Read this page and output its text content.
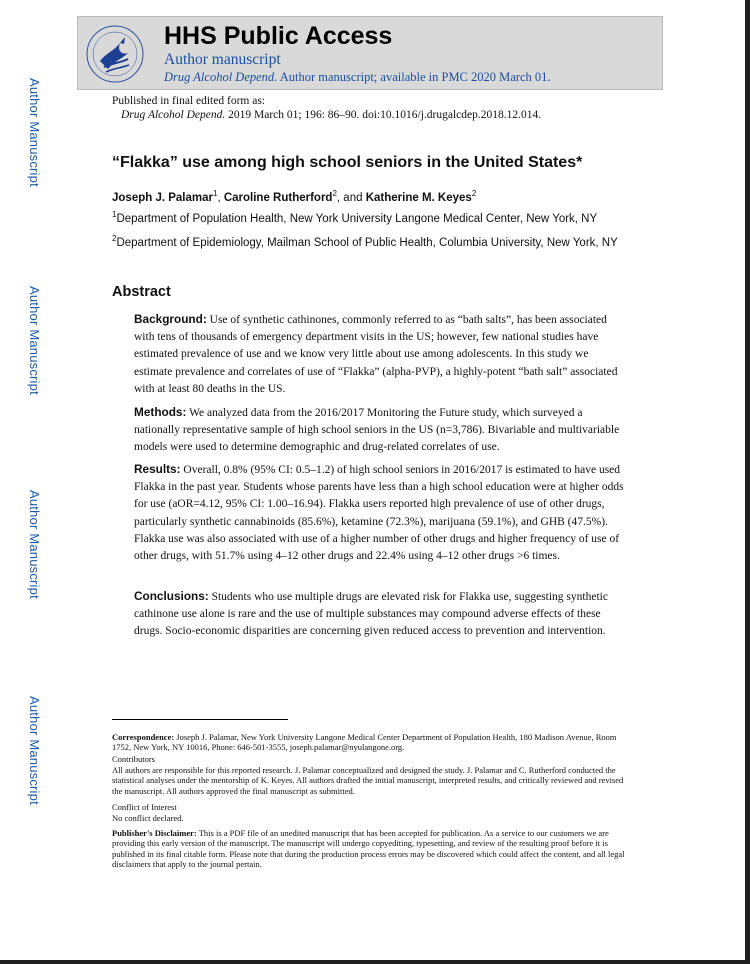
Author Manuscript
Author Manuscript
Author Manuscript
Author Manuscript
HHS Public Access
Author manuscript
Drug Alcohol Depend. Author manuscript; available in PMC 2020 March 01.
Published in final edited form as:
Drug Alcohol Depend. 2019 March 01; 196: 86–90. doi:10.1016/j.drugalcdep.2018.12.014.
“Flakka” use among high school seniors in the United States*
Joseph J. Palamar$^1$, Caroline Rutherford$^2$, and Katherine M. Keyes$^2$
$^1$Department of Population Health, New York University Langone Medical Center, New York, NY
$^2$Department of Epidemiology, Mailman School of Public Health, Columbia University, New York, NY
Abstract
Background: Use of synthetic cathinones, commonly referred to as “bath salts”, has been associated with tens of thousands of emergency department visits in the US; however, few national studies have estimated prevalence of use and we know very little about use among adolescents. In this study we estimate prevalence and correlates of use of “Flakka” (alpha-PVP), a highly-potent “bath salt” associated with at least 80 deaths in the US.
Methods: We analyzed data from the 2016/2017 Monitoring the Future study, which surveyed a nationally representative sample of high school seniors in the US (n=3,786). Bivariable and multivariable models were used to determine demographic and drug-related correlates of use.
Results: Overall, 0.8% (95% CI: 0.5–1.2) of high school seniors in 2016/2017 is estimated to have used Flakka in the past year. Students whose parents have less than a high school education were at higher odds for use (aOR=4.12, 95% CI: 1.00–16.94). Flakka users reported high prevalence of use of other drugs, particularly synthetic cannabinoids (85.6%), ketamine (72.3%), marijuana (59.1%), and GHB (47.5%). Flakka use was also associated with use of a higher number of other drugs and higher frequency of use of other drugs, with 51.7% using 4–12 other drugs and 22.4% using 4–12 other drugs >6 times.
Conclusions: Students who use multiple drugs are elevated risk for Flakka use, suggesting synthetic cathinone use alone is rare and the use of multiple substances may compound adverse effects of these drugs. Socio-economic disparities are concerning given reduced access to prevention and intervention.
Correspondence: Joseph J. Palamar, New York University Langone Medical Center Department of Population Health, 180 Madison Avenue, Room 1752, New York, NY 10016, Phone: 646-501-3555, joseph.palamar@nyulangone.org.
Contributors
All authors are responsible for this reported research. J. Palamar conceptualized and designed the study. J. Palamar and C. Rutherford conducted the statistical analyses under the mentorship of K. Keyes. All authors drafted the initial manuscript, interpreted results, and critically reviewed and revised the manuscript. All authors approved the final manuscript as submitted.
Conflict of Interest
No conflict declared.
Publisher's Disclaimer: This is a PDF file of an unedited manuscript that has been accepted for publication. As a service to our customers we are providing this early version of the manuscript. The manuscript will undergo copyediting, typesetting, and review of the resulting proof before it is published in its final citable form. Please note that during the production process errors may be discovered which could affect the content, and all legal disclaimers that apply to the journal pertain.
